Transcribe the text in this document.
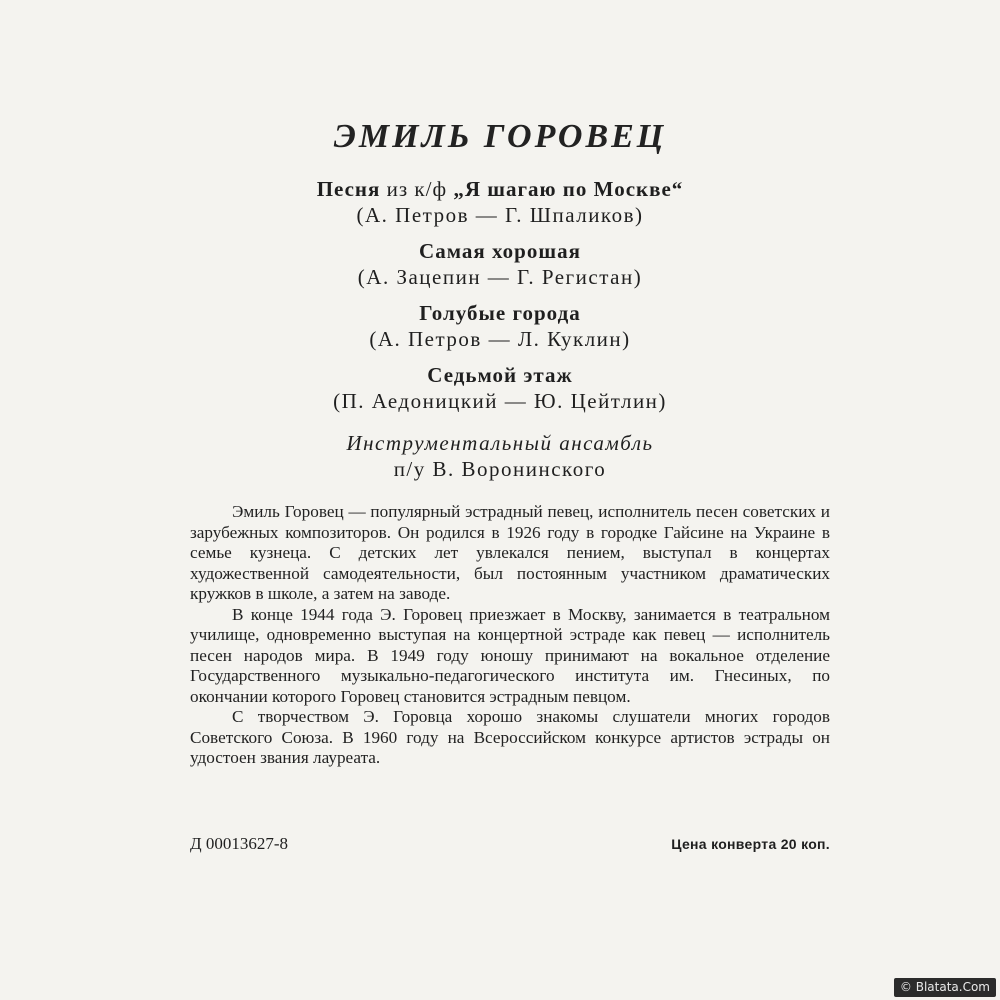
ЭМИЛЬ ГОРОВЕЦ
Песня из к/ф „Я шагаю по Москве“
(А. Петров — Г. Шпаликов)
Самая хорошая
(А. Зацепин — Г. Регистан)
Голубые города
(А. Петров — Л. Куклин)
Седьмой этаж
(П. Аедоницкий — Ю. Цейтлин)
Инструментальный ансамбль
п/у В. Воронинского

Эмиль Горовец — популярный эстрадный певец, исполнитель песен советских и зарубежных композиторов. Он родился в 1926 году в городке Гайсине на Украине в семье кузнеца. С детских лет увлекался пением, выступал в концертах художественной самодеятельности, был постоянным участником драматических кружков в школе, а затем на заводе.

В конце 1944 года Э. Горовец приезжает в Москву, занимается в театральном училище, одновременно выступая на концертной эстраде как певец — исполнитель песен народов мира. В 1949 году юношу принимают на вокальное отделение Государственного музыкально-педагогического института им. Гнесиных, по окончании которого Горовец становится эстрадным певцом.

С творчеством Э. Горовца хорошо знакомы слушатели многих городов Советского Союза. В 1960 году на Всероссийском конкурсе артистов эстрады он удостоен звания лауреата.

Д 00013627-8	Цена конверта 20 коп.
© Blatata.Com
